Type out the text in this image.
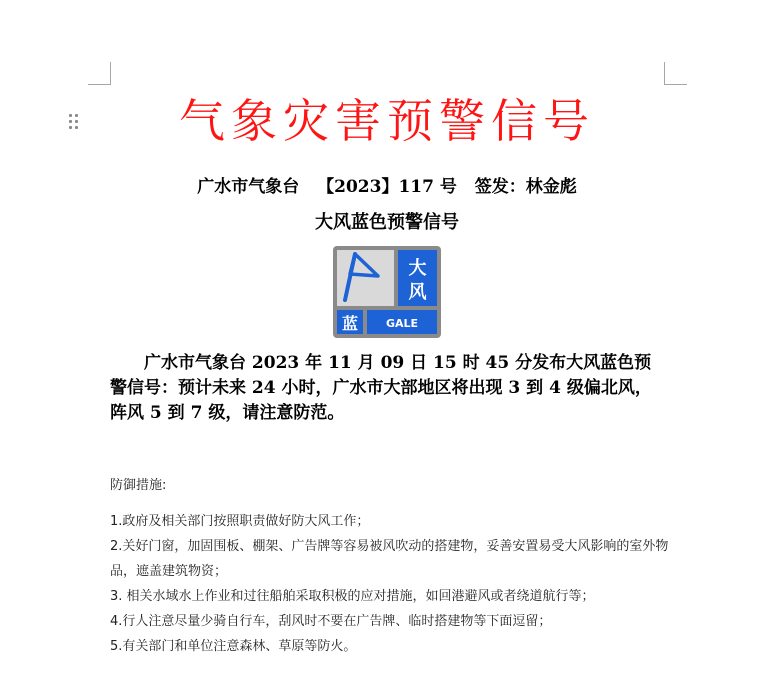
气象灾害预警信号
广水市气象台 【2023】117 号 签发：林金彪
大风蓝色预警信号
大
风
蓝	GALE
广水市气象台 2023 年 11 月 09 日 15 时 45 分发布大风蓝色预警信号：预计未来 24 小时，广水市大部地区将出现 3 到 4 级偏北风，阵风 5 到 7 级，请注意防范。
防御措施:
1.政府及相关部门按照职责做好防大风工作；
2.关好门窗，加固围板、棚架、广告牌等容易被风吹动的搭建物，妥善安置易受大风影响的室外物品，遮盖建筑物资；
3. 相关水域水上作业和过往船舶采取积极的应对措施，如回港避风或者绕道航行等；
4.行人注意尽量少骑自行车，刮风时不要在广告牌、临时搭建物等下面逗留；
5.有关部门和单位注意森林、草原等防火。
